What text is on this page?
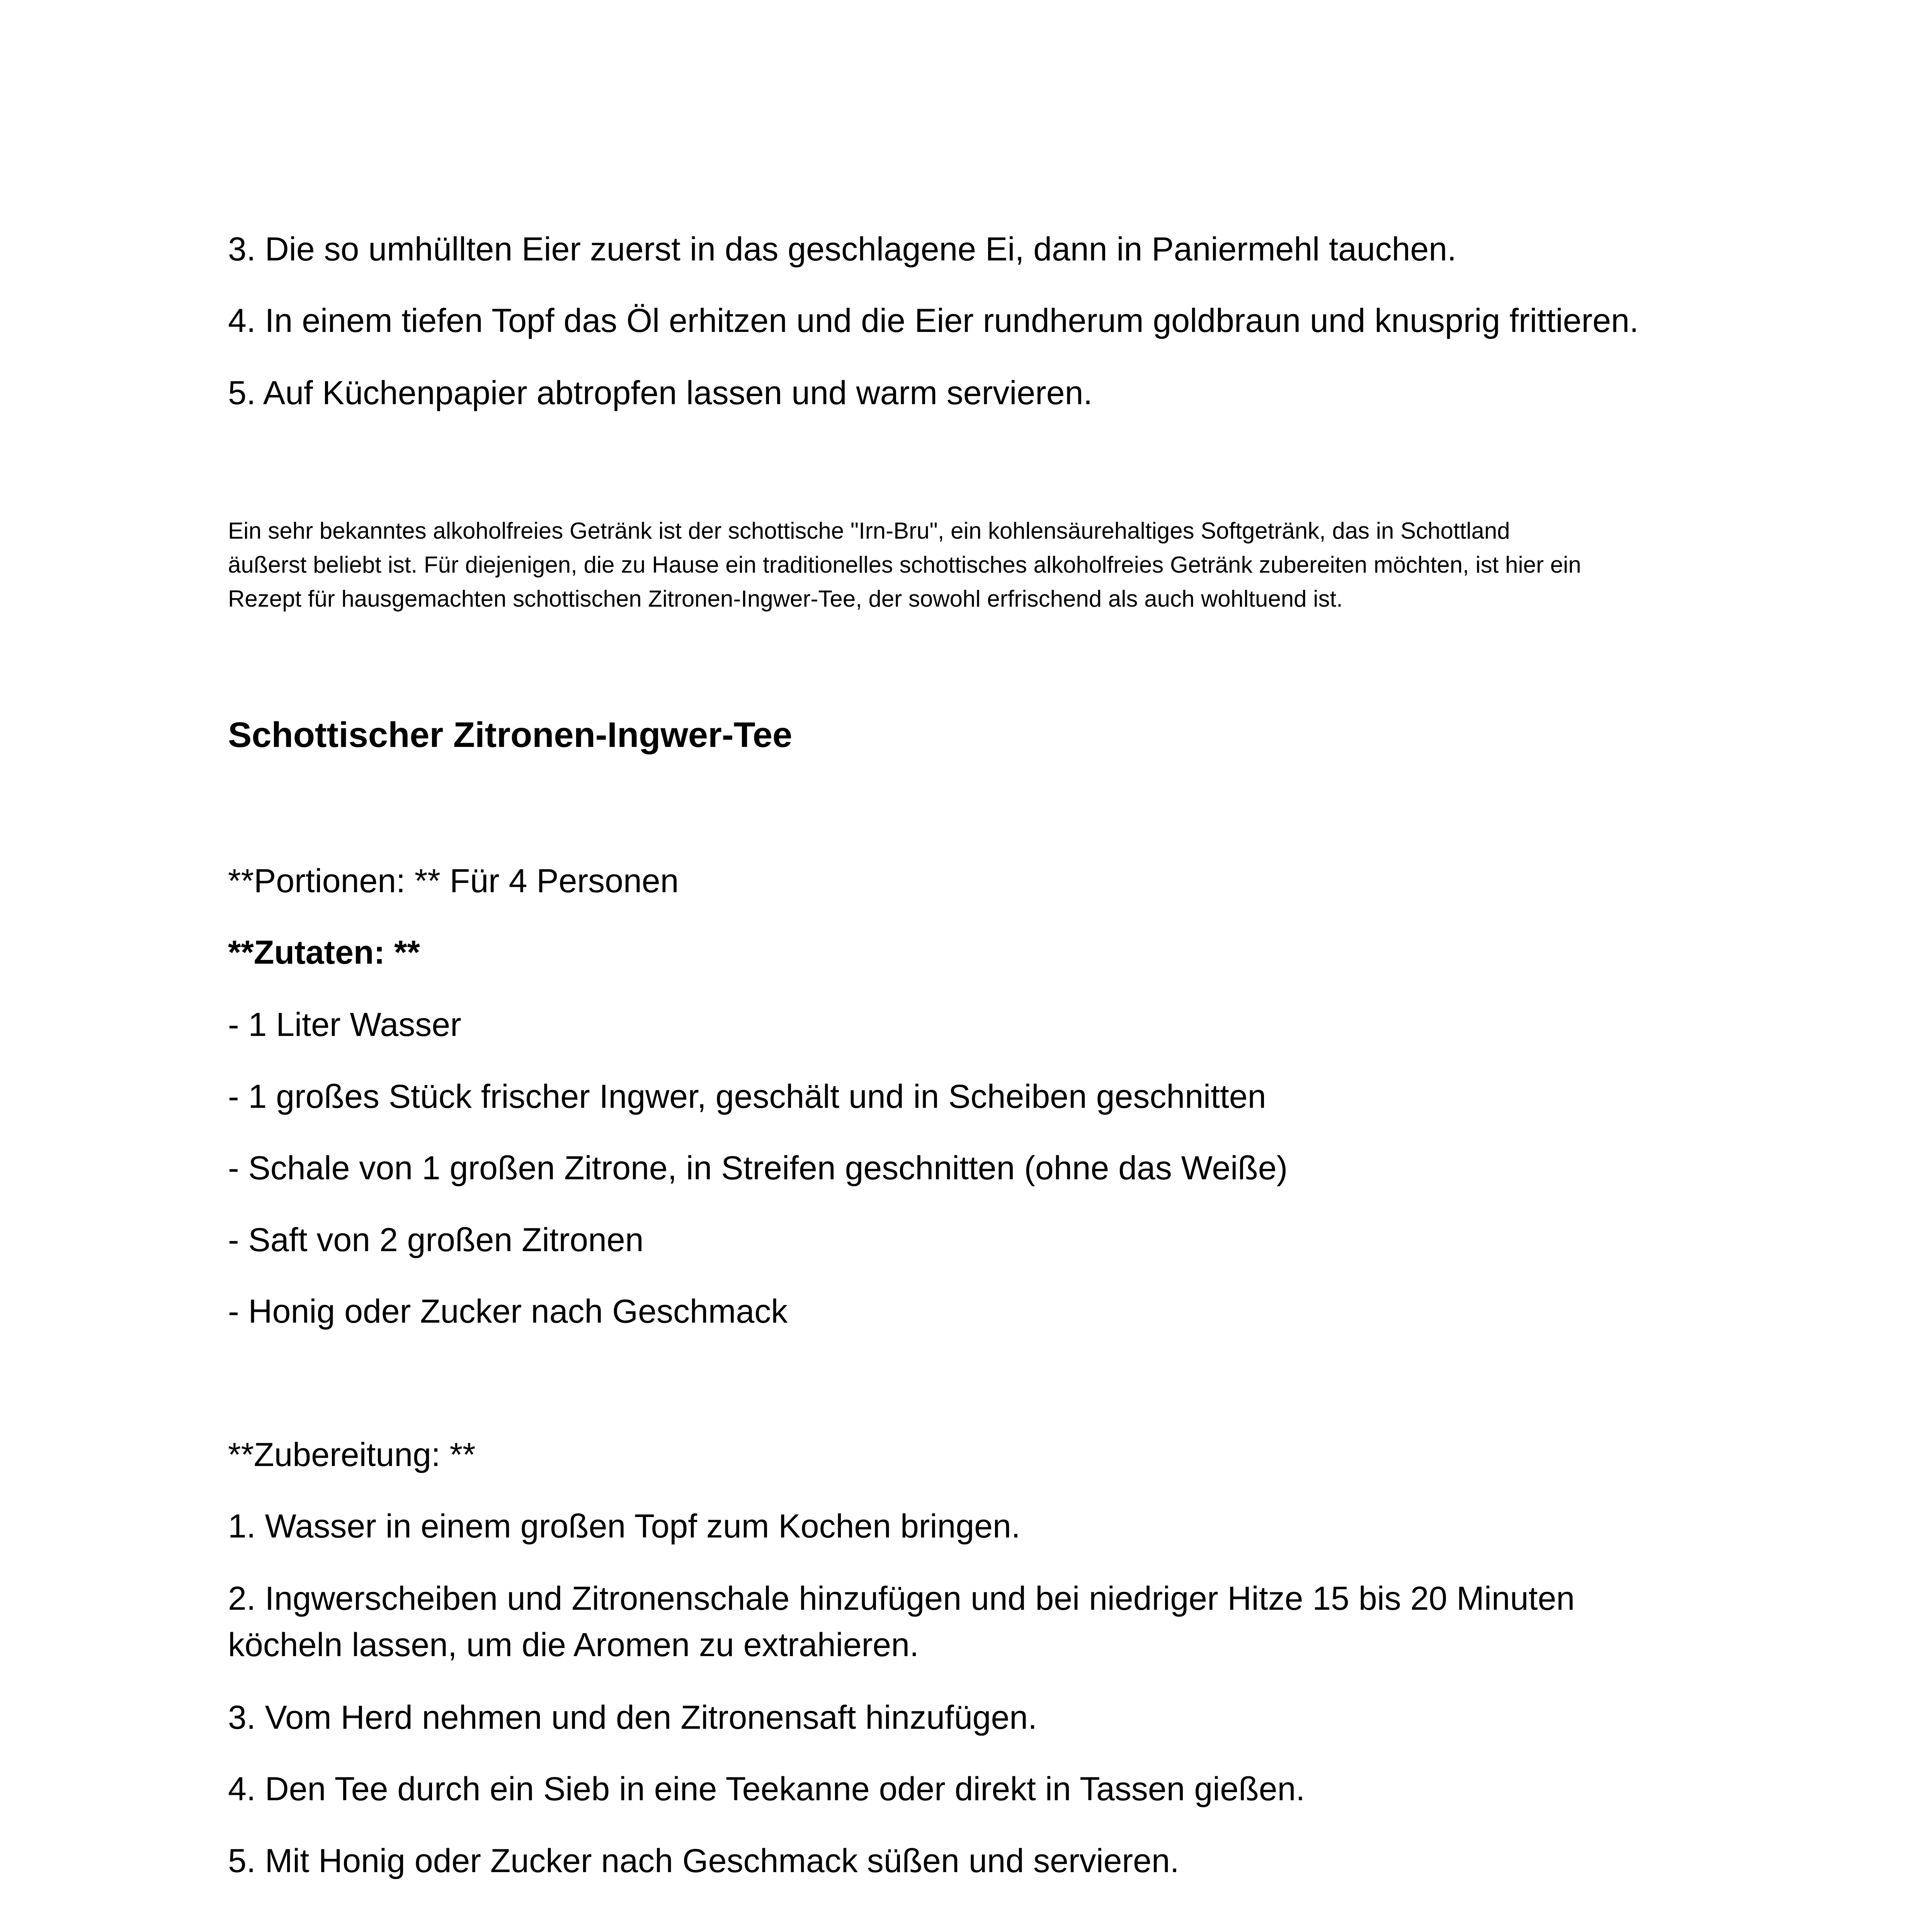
3. Die so umhüllten Eier zuerst in das geschlagene Ei, dann in Paniermehl tauchen.
4. In einem tiefen Topf das Öl erhitzen und die Eier rundherum goldbraun und knusprig frittieren.
5. Auf Küchenpapier abtropfen lassen und warm servieren.

Ein sehr bekanntes alkoholfreies Getränk ist der schottische "Irn-Bru", ein kohlensäurehaltiges Softgetränk, das in Schottland

äußerst beliebt ist. Für diejenigen, die zu Hause ein traditionelles schottisches alkoholfreies Getränk zubereiten möchten, ist hier ein

Rezept für hausgemachten schottischen Zitronen-Ingwer-Tee, der sowohl erfrischend als auch wohltuend ist.

Schottischer Zitronen-Ingwer-Tee
**Portionen: ** Für 4 Personen
**Zutaten: **
- 1 Liter Wasser
- 1 großes Stück frischer Ingwer, geschält und in Scheiben geschnitten
- Schale von 1 großen Zitrone, in Streifen geschnitten (ohne das Weiße)
- Saft von 2 großen Zitronen
- Honig oder Zucker nach Geschmack
**Zubereitung: **
1. Wasser in einem großen Topf zum Kochen bringen.

2. Ingwerscheiben und Zitronenschale hinzufügen und bei niedriger Hitze 15 bis 20 Minuten

köcheln lassen, um die Aromen zu extrahieren.

3. Vom Herd nehmen und den Zitronensaft hinzufügen.
4. Den Tee durch ein Sieb in eine Teekanne oder direkt in Tassen gießen.
5. Mit Honig oder Zucker nach Geschmack süßen und servieren.
